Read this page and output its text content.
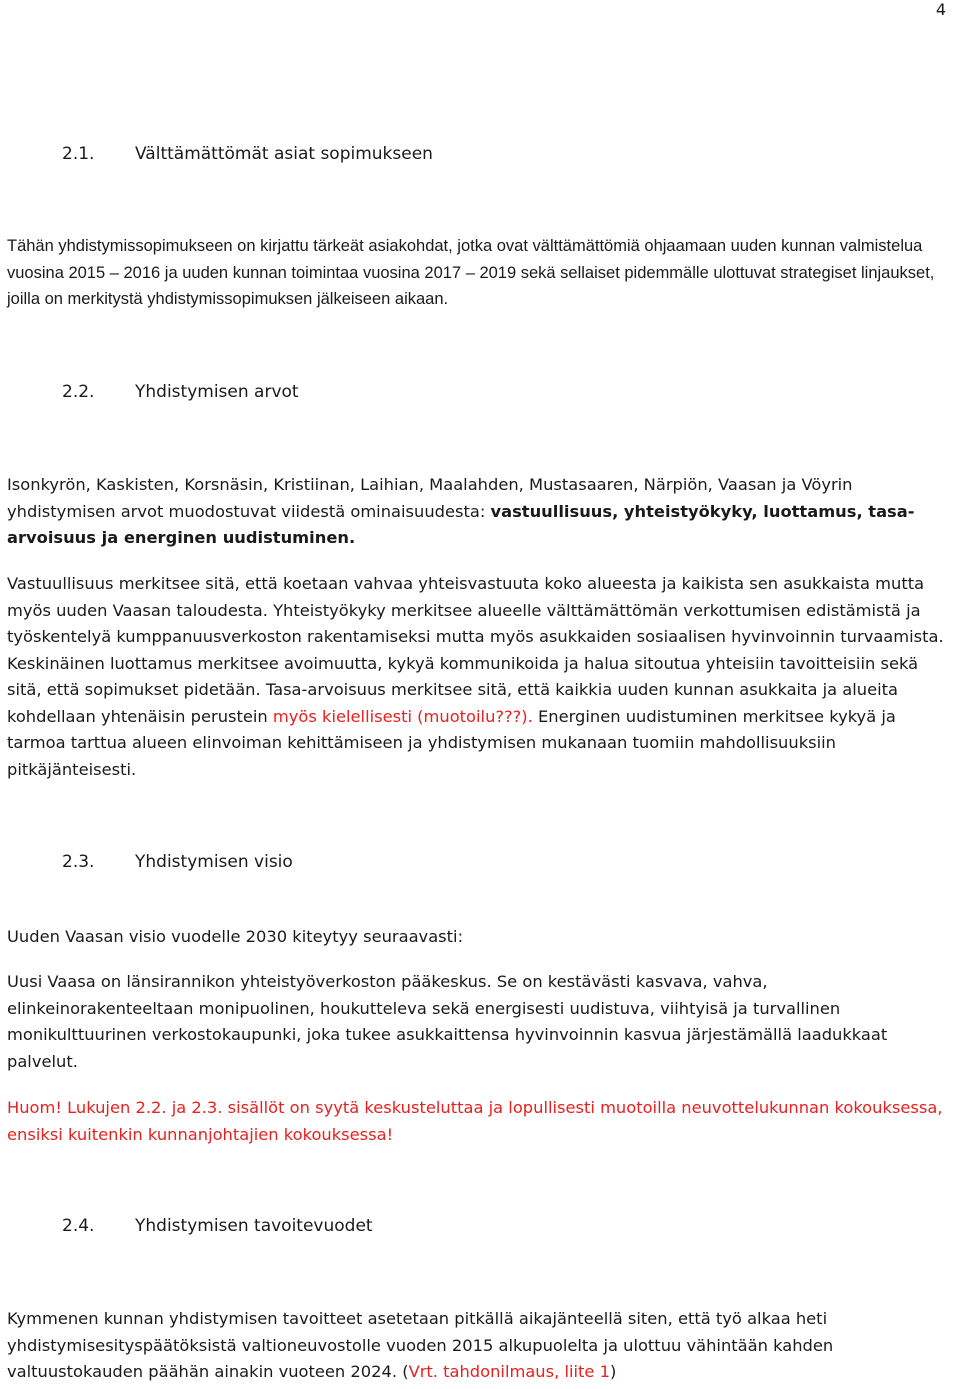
4
2.1. Välttämättömät asiat sopimukseen

Tähän yhdistymissopimukseen on kirjattu tärkeät asiakohdat, jotka ovat välttämättömiä ohjaamaan uuden kunnan valmistelua vuosina 2015 – 2016 ja uuden kunnan toimintaa vuosina 2017 – 2019 sekä sellaiset pidemmälle ulottuvat strategiset linjaukset, joilla on merkitystä yhdistymissopimuksen jälkeiseen aikaan.

2.2. Yhdistymisen arvot

Isonkyrön, Kaskisten, Korsnäsin, Kristiinan, Laihian, Maalahden, Mustasaaren, Närpiön, Vaasan ja Vöyrin yhdistymisen arvot muodostuvat viidestä ominaisuudesta: vastuullisuus, yhteistyökyky, luottamus, tasa-arvoisuus ja energinen uudistuminen.

Vastuullisuus merkitsee sitä, että koetaan vahvaa yhteisvastuuta koko alueesta ja kaikista sen asukkaista mutta myös uuden Vaasan taloudesta. Yhteistyökyky merkitsee alueelle välttämättömän verkottumisen edistämistä ja työskentelyä kumppanuusverkoston rakentamiseksi mutta myös asukkaiden sosiaalisen hyvinvoinnin turvaamista. Keskinäinen luottamus merkitsee avoimuutta, kykyä kommunikoida ja halua sitoutua yhteisiin tavoitteisiin sekä sitä, että sopimukset pidetään. Tasa-arvoisuus merkitsee sitä, että kaikkia uuden kunnan asukkaita ja alueita kohdellaan yhtenäisin perustein myös kielellisesti (muotoilu???). Energinen uudistuminen merkitsee kykyä ja tarmoa tarttua alueen elinvoiman kehittämiseen ja yhdistymisen mukanaan tuomiin mahdollisuuksiin pitkäjänteisesti.

2.3. Yhdistymisen visio

Uuden Vaasan visio vuodelle 2030 kiteytyy seuraavasti:

Uusi Vaasa on länsirannikon yhteistyöverkoston pääkeskus. Se on kestävästi kasvava, vahva, elinkeinorakenteeltaan monipuolinen, houkutteleva sekä energisesti uudistuva, viihtyisä ja turvallinen monikulttuurinen verkostokaupunki, joka tukee asukkaittensa hyvinvoinnin kasvua järjestämällä laadukkaat palvelut.

Huom! Lukujen 2.2. ja 2.3. sisällöt on syytä keskusteluttaa ja lopullisesti muotoilla neuvottelukunnan kokouksessa, ensiksi kuitenkin kunnanjohtajien kokouksessa!

2.4. Yhdistymisen tavoitevuodet

Kymmenen kunnan yhdistymisen tavoitteet asetetaan pitkällä aikajänteellä siten, että työ alkaa heti yhdistymisesityspäätöksistä valtioneuvostolle vuoden 2015 alkupuolelta ja ulottuu vähintään kahden valtuustokauden päähän ainakin vuoteen 2024. (Vrt. tahdonilmaus, liite 1)
